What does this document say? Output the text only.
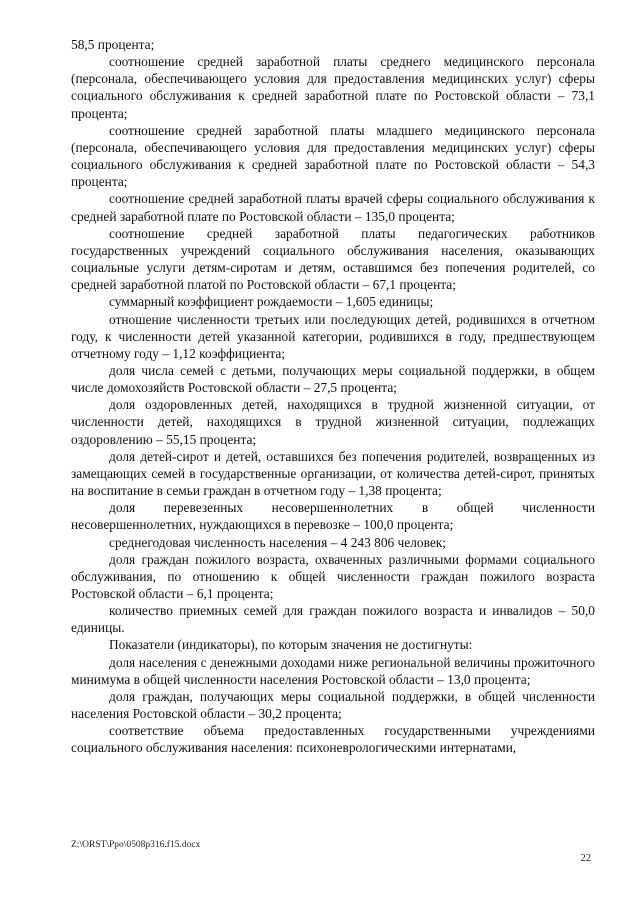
58,5 процента;

соотношение средней заработной платы среднего медицинского персонала (персонала, обеспечивающего условия для предоставления медицинских услуг) сферы социального обслуживания к средней заработной плате по Ростовской области – 73,1 процента;

соотношение средней заработной платы младшего медицинского персонала (персонала, обеспечивающего условия для предоставления медицинских услуг) сферы социального обслуживания к средней заработной плате по Ростовской области – 54,3 процента;

соотношение средней заработной платы врачей сферы социального обслуживания к средней заработной плате по Ростовской области – 135,0 процента;

соотношение средней заработной платы педагогических работников государственных учреждений социального обслуживания населения, оказывающих социальные услуги детям-сиротам и детям, оставшимся без попечения родителей, со средней заработной платой по Ростовской области – 67,1 процента;

суммарный коэффициент рождаемости – 1,605 единицы;

отношение численности третьих или последующих детей, родившихся в отчетном году, к численности детей указанной категории, родившихся в году, предшествующем отчетному году – 1,12 коэффициента;

доля числа семей с детьми, получающих меры социальной поддержки, в общем числе домохозяйств Ростовской области – 27,5 процента;

доля оздоровленных детей, находящихся в трудной жизненной ситуации, от численности детей, находящихся в трудной жизненной ситуации, подлежащих оздоровлению – 55,15 процента;

доля детей-сирот и детей, оставшихся без попечения родителей, возвращенных из замещающих семей в государственные организации, от количества детей-сирот, принятых на воспитание в семьи граждан в отчетном году – 1,38 процента;

доля перевезенных несовершеннолетних в общей численности несовершеннолетних, нуждающихся в перевозке – 100,0 процента;

среднегодовая численность населения – 4 243 806 человек;

доля граждан пожилого возраста, охваченных различными формами социального обслуживания, по отношению к общей численности граждан пожилого возраста Ростовской области – 6,1 процента;

количество приемных семей для граждан пожилого возраста и инвалидов – 50,0 единицы.

Показатели (индикаторы), по которым значения не достигнуты:

доля населения с денежными доходами ниже региональной величины прожиточного минимума в общей численности населения Ростовской области – 13,0 процента;

доля граждан, получающих меры социальной поддержки, в общей численности населения Ростовской области – 30,2 процента;

соответствие объема предоставленных государственными учреждениями социального обслуживания населения: психоневрологическими интернатами,

Z:\ORST\Ppo\0508p316.f15.docx
22
